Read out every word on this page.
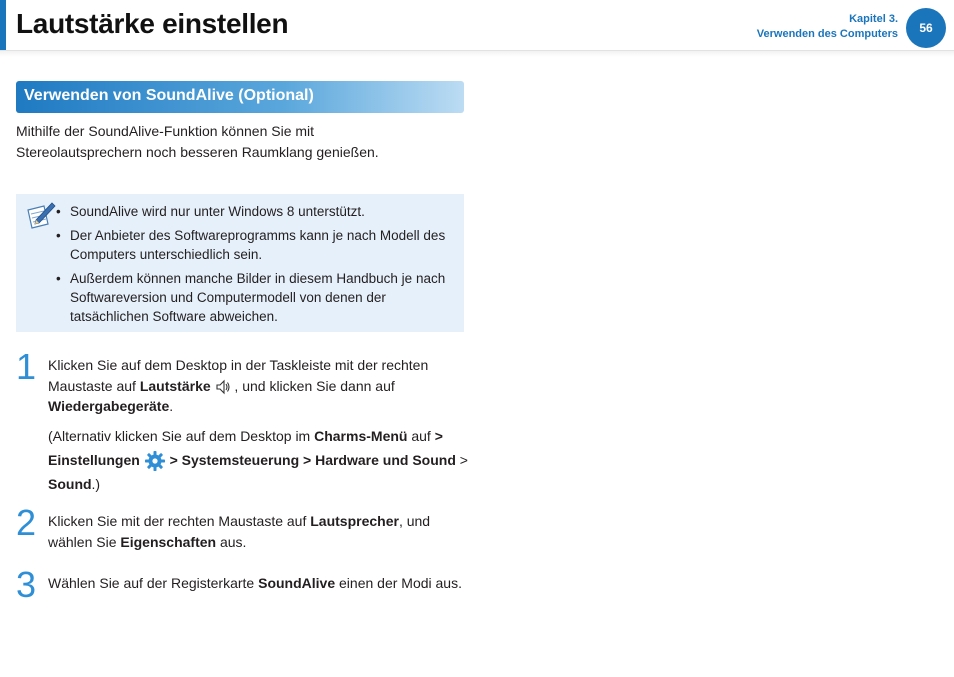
Lautstärke einstellen	Kapitel 3.
Verwenden des Computers	56
Verwenden von SoundAlive (Optional)
Mithilfe der SoundAlive-Funktion können Sie mit
Stereolautsprechern noch besseren Raumklang genießen.
• SoundAlive wird nur unter Windows 8 unterstützt.
• Der Anbieter des Softwareprogramms kann je nach Modell des Computers unterschiedlich sein.
• Außerdem können manche Bilder in diesem Handbuch je nach Softwareversion und Computermodell von denen der tatsächlichen Software abweichen.
1 Klicken Sie auf dem Desktop in der Taskleiste mit der rechten Maustaste auf Lautstärke  , und klicken Sie dann auf Wiedergabegeräte.
(Alternativ klicken Sie auf dem Desktop im Charms-Menü auf > Einstellungen  > Systemsteuerung > Hardware und Sound > Sound.)
2 Klicken Sie mit der rechten Maustaste auf Lautsprecher, und wählen Sie Eigenschaften aus.
3 Wählen Sie auf der Registerkarte SoundAlive einen der Modi aus.
